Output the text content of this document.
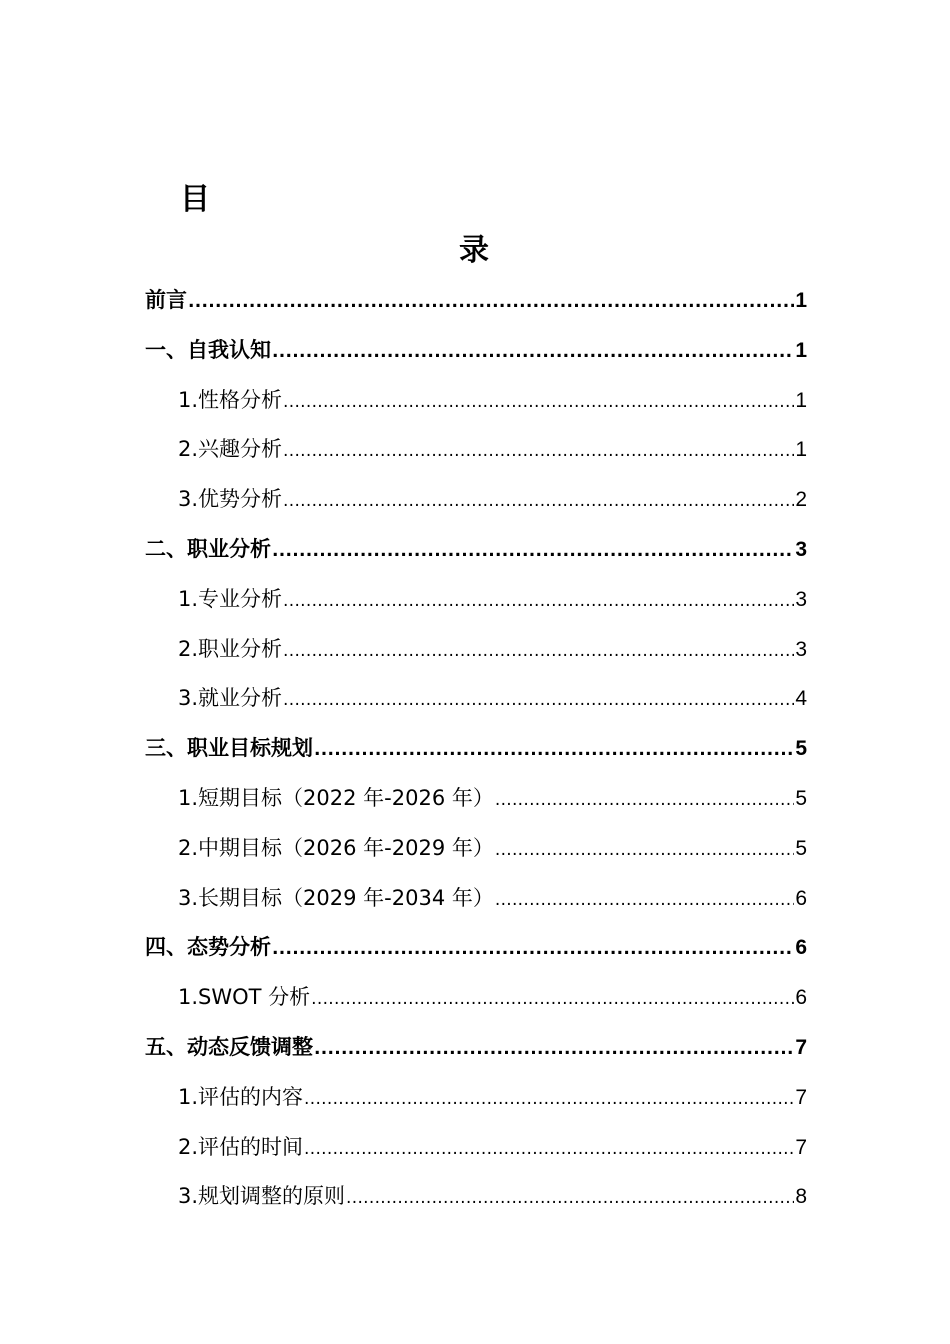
目
录
前言 .....	1
一、自我认知 .....	1
1.性格分析 .....	1
2.兴趣分析 .....	1
3.优势分析 .....	2
二、职业分析 .....	3
1.专业分析 .....	3
2.职业分析 .....	3
3.就业分析 .....	4
三、职业目标规划 .....	5
1.短期目标（2022 年-2026 年） .....	5
2.中期目标（2026 年-2029 年） .....	5
3.长期目标（2029 年-2034 年） .....	6
四、态势分析 .....	6
1.SWOT 分析 .....	6
五、动态反馈调整 .....	7
1.评估的内容 .....	7
2.评估的时间 .....	7
3.规划调整的原则 .....	8
